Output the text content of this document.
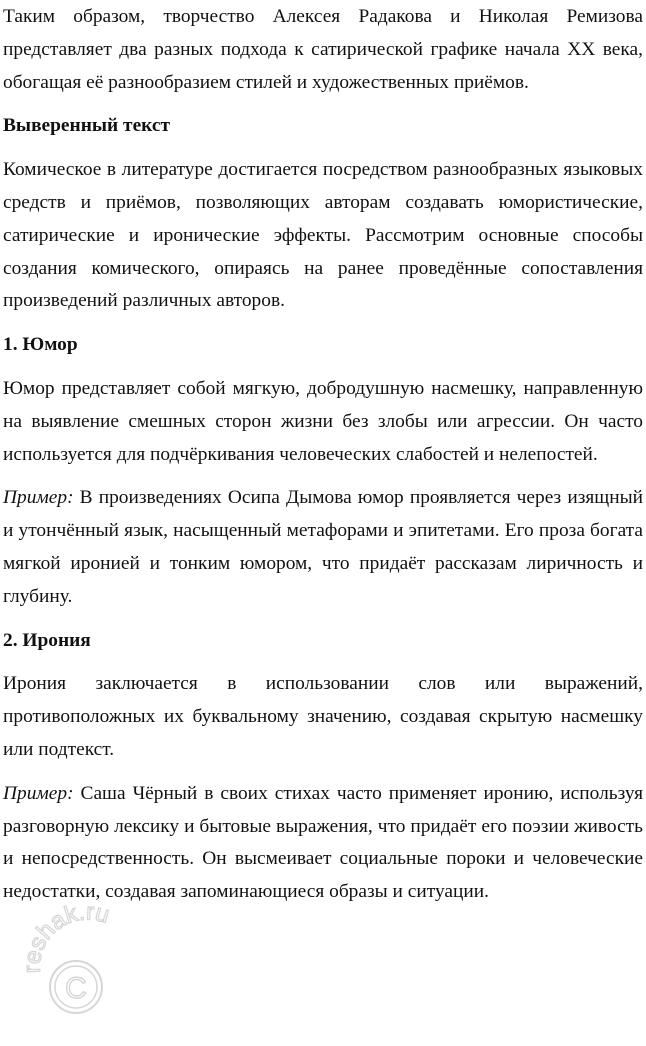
Таким образом, творчество Алексея Радакова и Николая Ремизова представляет два разных подхода к сатирической графике начала XX века, обогащая её разнообразием стилей и художественных приёмов.

Выверенный текст

Комическое в литературе достигается посредством разнообразных языковых средств и приёмов, позволяющих авторам создавать юмористические, сатирические и иронические эффекты. Рассмотрим основные способы создания комического, опираясь на ранее проведённые сопоставления произведений различных авторов.

1. Юмор

Юмор представляет собой мягкую, добродушную насмешку, направленную на выявление смешных сторон жизни без злобы или агрессии. Он часто используется для подчёркивания человеческих слабостей и нелепостей.

Пример: В произведениях Осипа Дымова юмор проявляется через изящный и утончённый язык, насыщенный метафорами и эпитетами. Его проза богата мягкой иронией и тонким юмором, что придаёт рассказам лиричность и глубину.

2. Ирония

Ирония заключается в использовании слов или выражений, противоположных их буквальному значению, создавая скрытую насмешку или подтекст.

Пример: Саша Чёрный в своих стихах часто применяет иронию, используя разговорную лексику и бытовые выражения, что придаёт его поэзии живость и непосредственность. Он высмеивает социальные пороки и человеческие недостатки, создавая запоминающиеся образы и ситуации.

C
reshak.ru
